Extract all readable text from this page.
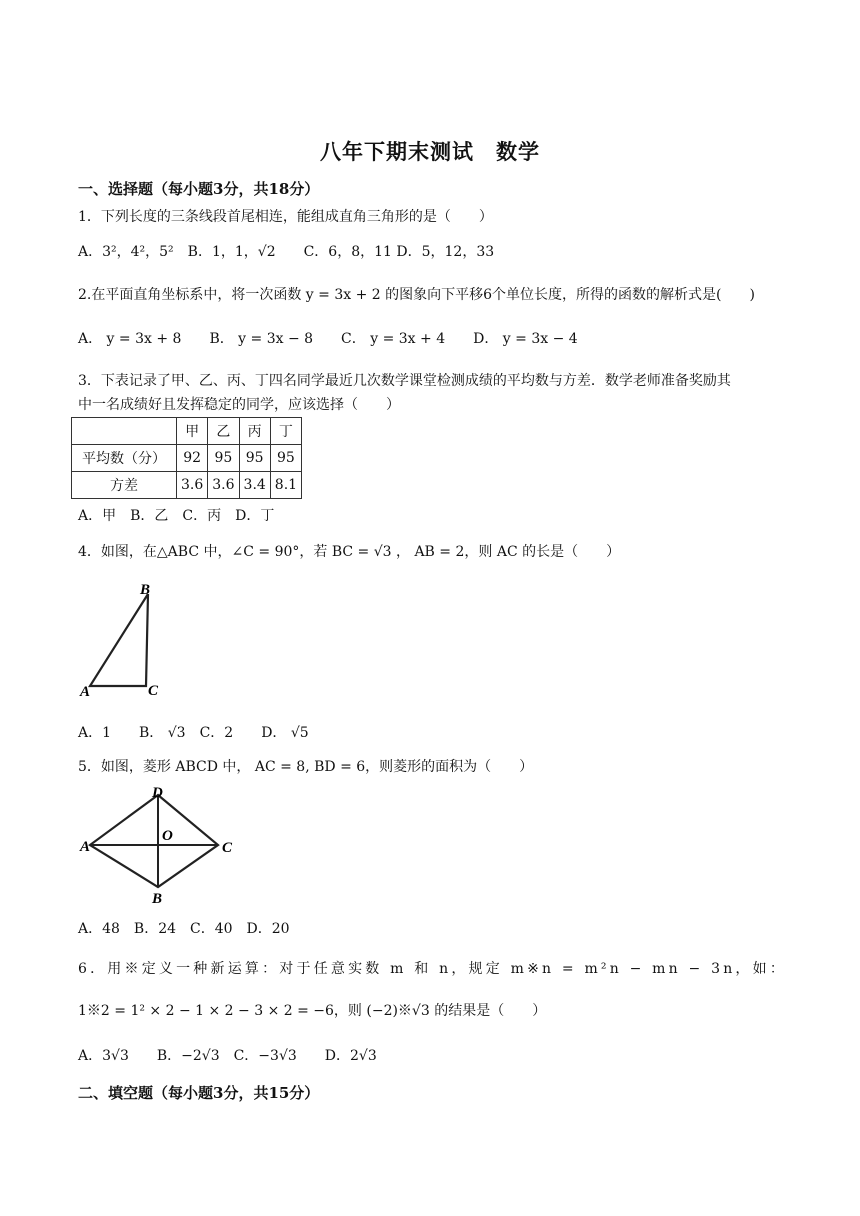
八年下期末测试　数学
一、选择题（每小题3分，共18分）
1．下列长度的三条线段首尾相连，能组成直角三角形的是（　　）
A．3²，4²，5²　B．1，1，√2　　C．6，8，11 D．5，12，33
2.在平面直角坐标系中，将一次函数 y = 3x + 2 的图象向下平移6个单位长度，所得的函数的解析式是(　　)
A． y = 3x + 8　　B． y = 3x − 8　　C． y = 3x + 4　　D． y = 3x − 4
3．下表记录了甲、乙、丙、丁四名同学最近几次数学课堂检测成绩的平均数与方差．数学老师准备奖励其
中一名成绩好且发挥稳定的同学，应该选择（　　）
	甲	乙	丙	丁
平均数（分）	92	95	95	95
方差	3.6	3.6	3.4	8.1
A．甲　B．乙　C．丙　D．丁
4．如图，在△ABC 中，∠C = 90°，若 BC = √3 ， AB = 2，则 AC 的长是（　　）
B
A	C
A．1　　B． √3　C．2　　D． √5
5．如图，菱形 ABCD 中， AC = 8, BD = 6，则菱形的面积为（　　）
D
A
O
C
B
A．48　B．24　C．40　D．20
6．用※定义一种新运算：对于任意实数 m 和 n，规定 m※n = m²n − mn − 3n，如：
1※2 = 1² × 2 − 1 × 2 − 3 × 2 = −6，则 (−2)※√3 的结果是（　　）
A．3√3　　B．−2√3　C．−3√3　　D．2√3
二、填空题（每小题3分，共15分）
